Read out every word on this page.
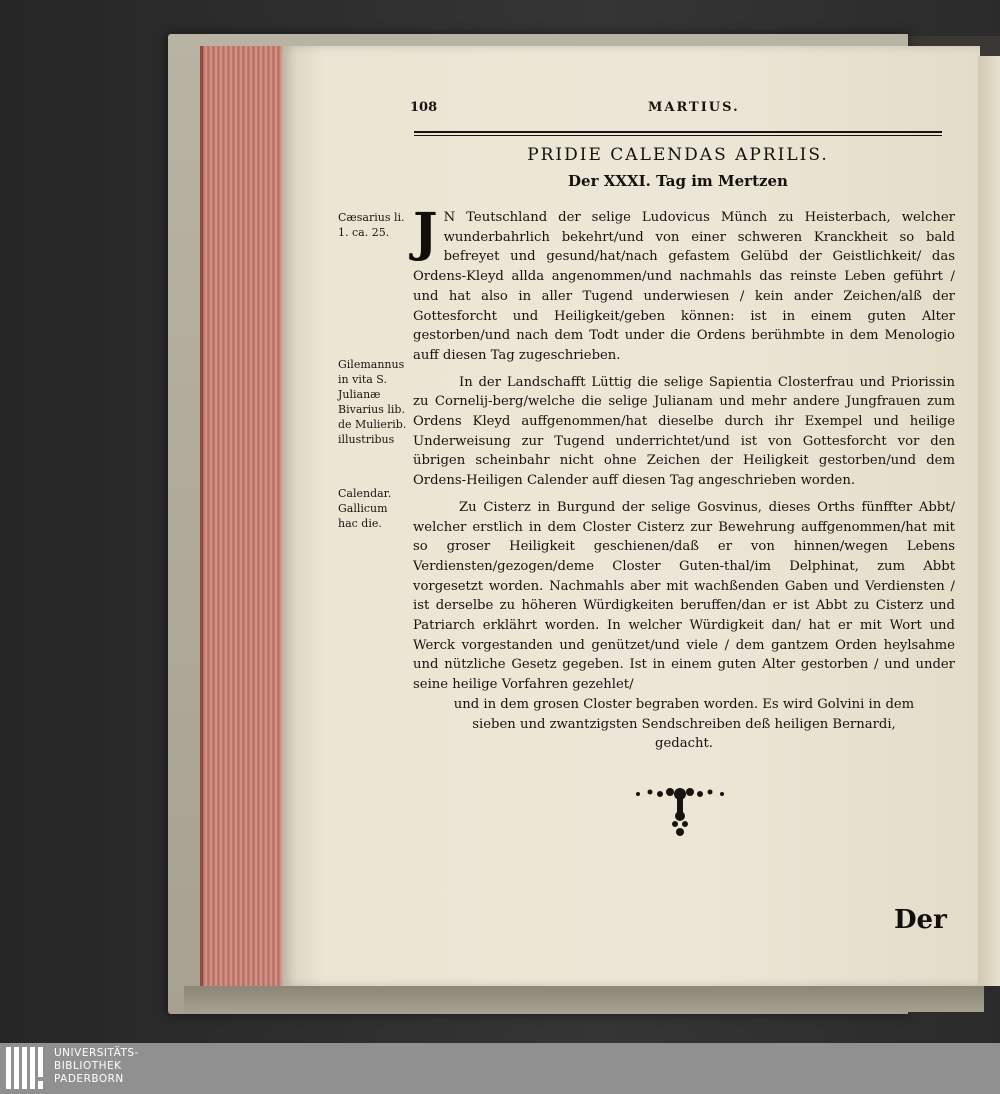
108	MARTIUS.
PRIDIE CALENDAS APRILIS.
Der XXXI. Tag im Mertzen

J N Teutschland der selige Ludovicus Münch zu Heisterbach, welcher wunderbahrlich bekehrt/und von einer schweren Kranckheit so bald befreyet und gesund/hat/nach gefastem Gelübd der Geistlichkeit/ das Ordens-Kleyd allda angenommen/und nachmahls das reinste Leben geführt / und hat also in aller Tugend underwiesen / kein ander Zeichen/alß der Gottesforcht und Heiligkeit/geben können: ist in einem guten Alter gestorben/und nach dem Todt under die Ordens berühmbte in dem Menologio auff diesen Tag zugeschrieben.

In der Landschafft Lüttig die selige Sapientia Closterfrau und Priorissin zu Cornelij-berg/welche die selige Julianam und mehr andere Jungfrauen zum Ordens Kleyd auffgenommen/hat dieselbe durch ihr Exempel und heilige Underweisung zur Tugend underrichtet/und ist von Gottesforcht vor den übrigen scheinbahr nicht ohne Zeichen der Heiligkeit gestorben/und dem Ordens-Heiligen Calender auff diesen Tag angeschrieben worden.

Zu Cisterz in Burgund der selige Gosvinus, dieses Orths fünffter Abbt/ welcher erstlich in dem Closter Cisterz zur Bewehrung auffgenommen/hat mit so groser Heiligkeit geschienen/daß er von hinnen/wegen Lebens Verdiensten/gezogen/deme Closter Guten-thal/im Delphinat, zum Abbt vorgesetzt worden. Nachmahls aber mit wachßenden Gaben und Verdiensten / ist derselbe zu höheren Würdigkeiten beruffen/dan er ist Abbt zu Cisterz und Patriarch erklährt worden. In welcher Würdigkeit dan/ hat er mit Wort und Werck vorgestanden und genützet/und viele / dem gantzem Orden heylsahme und nützliche Gesetz gegeben. Ist in einem guten Alter gestorben / und under seine heilige Vorfahren gezehlet/

und in dem grosen Closter begraben worden. Es wird Golvini in dem sieben und zwantzigsten Sendschreiben deß heiligen Bernardi, gedacht.

Cæsarius li. 1. ca. 25.
Gilemannus in vita S. Julianæ Bivarius lib. de Mulierib. illustribus
Calendar. Gallicum hac die.
Der
UNIVERSITÄTS-
BIBLIOTHEK
PADERBORN
